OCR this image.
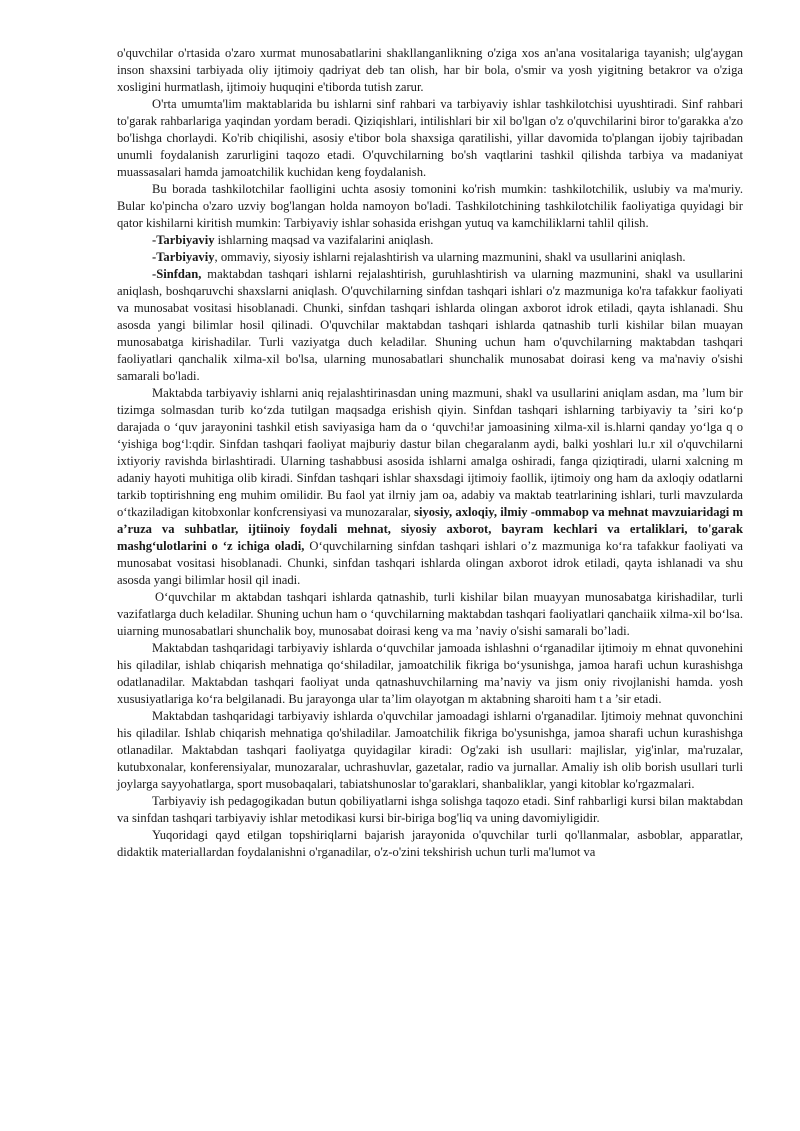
o'quvchilar o'rtasida o'zaro xurmat munosabatlarini shakllanganlikning o'ziga xos an'ana vositalariga tayanish; ulg'aygan inson shaxsini tarbiyada oliy ijtimoiy qadriyat deb tan olish, har bir bola, o'smir va yosh yigitning betakror va o'ziga xosligini hurmatlash, ijtimoiy huquqini e'tiborda tutish zarur.

O'rta umumta'lim maktablarida bu ishlarni sinf rahbari va tarbiyaviy ishlar tashkilotchisi uyushtiradi. Sinf rahbari to'garak rahbarlariga yaqindan yordam beradi. Qiziqishlari, intilishlari bir xil bo'lgan o'z o'quvchilarini biror to'garakka a'zo bo'lishga chorlaydi. Ko'rib chiqilishi, asosiy e'tibor bola shaxsiga qaratilishi, yillar davomida to'plangan ijobiy tajribadan unumli foydalanish zarurligini taqozo etadi. O'quvchilarning bo'sh vaqtlarini tashkil qilishda tarbiya va madaniyat muassasalari hamda jamoatchilik kuchidan keng foydalanish.

Bu borada tashkilotchilar faolligini uchta asosiy tomonini ko'rish mumkin: tashkilotchilik, uslubiy va ma'muriy. Bular ko'pincha o'zaro uzviy bog'langan holda namoyon bo'ladi. Tashkilotchining tashkilotchilik faoliyatiga quyidagi bir qator kishilarni kiritish mumkin: Tarbiyaviy ishlar sohasida erishgan yutuq va kamchiliklarni tahlil qilish.

-Tarbiyaviy ishlarning maqsad va vazifalarini aniqlash.

-Tarbiyaviy, ommaviy, siyosiy ishlarni rejalashtirish va ularning mazmunini, shakl va usullarini aniqlash.

-Sinfdan, maktabdan tashqari ishlarni rejalashtirish, guruhlashtirish va ularning mazmunini, shakl va usullarini aniqlash, boshqaruvchi shaxslarni aniqlash. O'quvchilarning sinfdan tashqari ishlari o'z mazmuniga ko'ra tafakkur faoliyati va munosabat vositasi hisoblanadi. Chunki, sinfdan tashqari ishlarda olingan axborot idrok etiladi, qayta ishlanadi. Shu asosda yangi bilimlar hosil qilinadi. O'quvchilar maktabdan tashqari ishlarda qatnashib turli kishilar bilan muayan munosabatga kirishadilar. Turli vaziyatga duch keladilar. Shuning uchun ham o'quvchilarning maktabdan tashqari faoliyatlari qanchalik xilma-xil bo'lsa, ularning munosabatlari shunchalik munosabat doirasi keng va ma'naviy o'sishi samarali bo'ladi.

Maktabda tarbiyaviy ishlarni aniq rejalashtirinasdan uning mazmuni, shakl va usullarini aniqlam asdan, ma ʼlum bir tizimga solmasdan turib ko‘zda tutilgan maqsadga erishish qiyin. Sinfdan tashqari ishlarning tarbiyaviy ta ʼsiri ko‘p darajada o ‘quv jarayonini tashkil etish saviyasiga ham da o ‘quvchi!ar jamoasining xilma-xil is.hlarni qanday yo‘lga q o ‘yishiga bog‘l:qdir. Sinfdan tashqari faoliyat majburiy dastur bilan chegaralanm aydi, balki yoshlari lu.r xil o'quvchilarni ixtiyoriy ravishda birlashtiradi. Ularning tashabbusi asosida ishlarni amalga oshiradi, fanga qiziqtiradi, ularni xalcning m adaniy hayoti muhitiga olib kiradi. Sinfdan tashqari ishlar shaxsdagi ijtimoiy faollik, ijtimoiy ong ham da axloqiy odatlarni tarkib toptirishning eng muhim omilidir. Bu faol yat ilrniy jam oa, adabiy va maktab teatrlarining ishlari, turli mavzularda oʻtkaziladigan kitobxonlar konfcrensiyasi va munozaralar, siyosiy, axloqiy, ilmiy -ommabop va mehnat mavzuiaridagi m a’ruza va suhbatlar, ijtiinoiy foydali mehnat, siyosiy axborot, bayram kechlari va ertaliklari, to'garak mashg‘ulotlarini o ‘z ichiga oladi, O‘quvchilarning sinfdan tashqari ishlari o’z mazmuniga ko‘ra tafakkur faoliyati va munosabat vositasi hisoblanadi. Chunki, sinfdan tashqari ishlarda olingan axborot idrok etiladi, qayta ishlanadi va shu asosda yangi bilimlar hosil qil inadi.

O‘quvchilar m aktabdan tashqari ishlarda qatnashib, turli kishilar bilan muayyan munosabatga kirishadilar, turli vazifatlarga duch keladilar. Shuning uchun ham o ‘quvchilarning maktabdan tashqari faoliyatlari qanchaiik xilma-xil bo‘lsa. uiarning munosabatlari shunchalik boy, munosabat doirasi keng va ma ’naviy o'sishi samarali bo’ladi.

Maktabdan tashqaridagi tarbiyaviy ishlarda o‘quvchilar jamoada ishlashni o‘rganadilar ijtimoiy m ehnat quvonehini his qiladilar, ishlab chiqarish mehnatiga qo‘shiladilar, jamoatchilik fikriga bo‘ysunishga, jamoa harafi uchun kurashishga odatlanadilar. Maktabdan tashqari faoliyat unda qatnashuvchilarning ma’naviy va jism oniy rivojlanishi hamda. yosh xususiyatlariga ko‘ra belgilanadi. Bu jarayonga ular ta’lim olayotgan m aktabning sharoiti ham t a ’sir etadi.

Maktabdan tashqaridagi tarbiyaviy ishlarda o'quvchilar jamoadagi ishlarni o'rganadilar. Ijtimoiy mehnat quvonchini his qiladilar. Ishlab chiqarish mehnatiga qo'shiladilar. Jamoatchilik fikriga bo'ysunishga, jamoa sharafi uchun kurashishga otlanadilar. Maktabdan tashqari faoliyatga quyidagilar kiradi: Og'zaki ish usullari: majlislar, yig'inlar, ma'ruzalar, kutubxonalar, konferensiyalar, munozaralar, uchrashuvlar, gazetalar, radio va jurnallar. Amaliy ish olib borish usullari turli joylarga sayyohatlarga, sport musobaqalari, tabiatshunoslar to'garaklari, shanbaliklar, yangi kitoblar ko'rgazmalari.

Tarbiyaviy ish pedagogikadan butun qobiliyatlarni ishga solishga taqozo etadi. Sinf rahbarligi kursi bilan maktabdan va sinfdan tashqari tarbiyaviy ishlar metodikasi kursi bir-biriga bog'liq va uning davomiyligidir.

Yuqoridagi qayd etilgan topshiriqlarni bajarish jarayonida o'quvchilar turli qo'llanmalar, asboblar, apparatlar, didaktik materiallardan foydalanishni o'rganadilar, o'z-o'zini tekshirish uchun turli ma'lumot va
